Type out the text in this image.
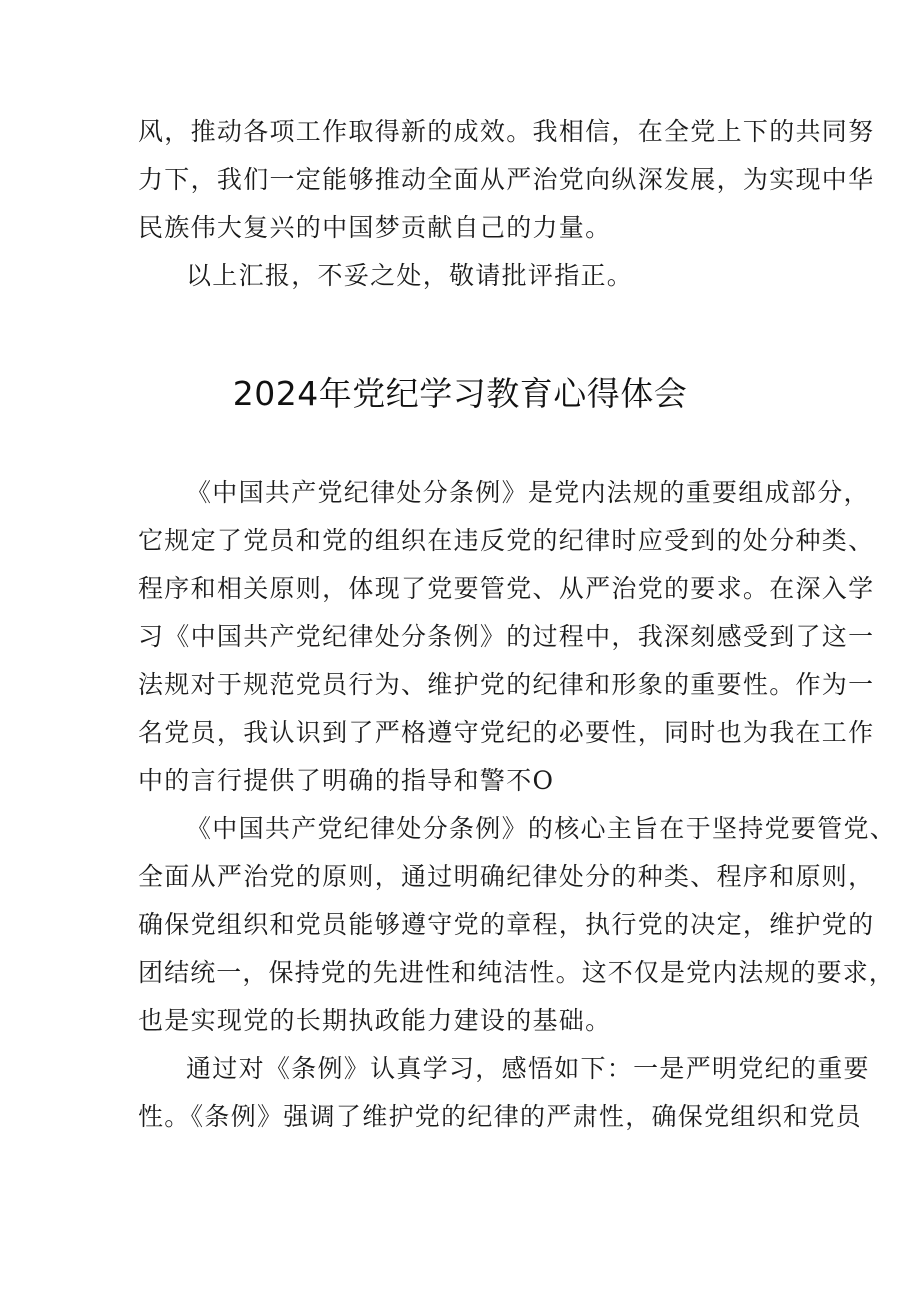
风，推动各项工作取得新的成效。我相信，在全党上下的共同努
力下，我们一定能够推动全面从严治党向纵深发展，为实现中华
民族伟大复兴的中国梦贡献自己的力量。
以上汇报，不妥之处，敬请批评指正。
2024年党纪学习教育心得体会
《中国共产党纪律处分条例》是党内法规的重要组成部分，
它规定了党员和党的组织在违反党的纪律时应受到的处分种类、
程序和相关原则，体现了党要管党、从严治党的要求。在深入学
习《中国共产党纪律处分条例》的过程中，我深刻感受到了这一
法规对于规范党员行为、维护党的纪律和形象的重要性。作为一
名党员，我认识到了严格遵守党纪的必要性，同时也为我在工作
中的言行提供了明确的指导和警不O
《中国共产党纪律处分条例》的核心主旨在于坚持党要管党、
全面从严治党的原则，通过明确纪律处分的种类、程序和原则，
确保党组织和党员能够遵守党的章程，执行党的决定，维护党的
团结统一，保持党的先进性和纯洁性。这不仅是党内法规的要求，
也是实现党的长期执政能力建设的基础。
通过对《条例》认真学习，感悟如下：一是严明党纪的重要
性。《条例》强调了维护党的纪律的严肃性，确保党组织和党员
